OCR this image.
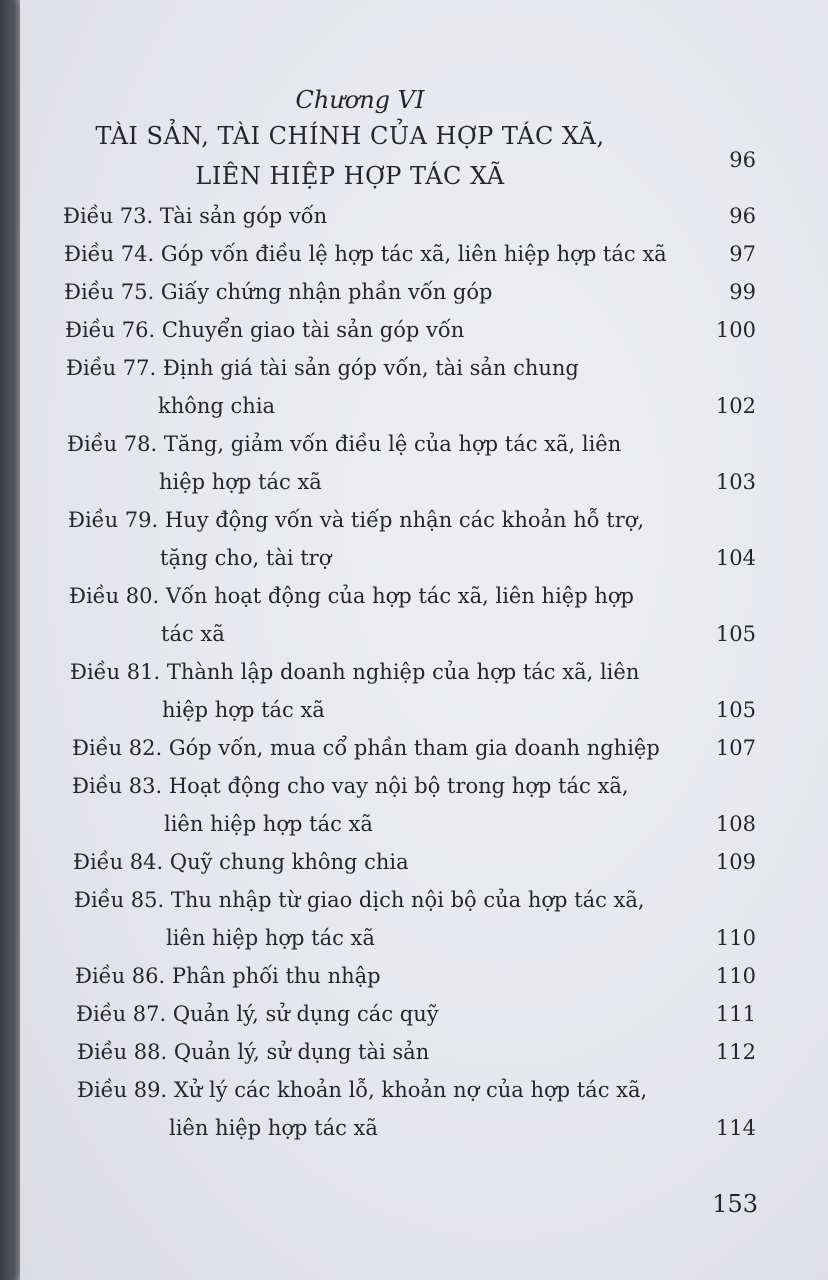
Chương VI
TÀI SẢN, TÀI CHÍNH CỦA HỢP TÁC XÃ,
LIÊN HIỆP HỢP TÁC XÃ
96
Điều 73. Tài sản góp vốn	96
Điều 74. Góp vốn điều lệ hợp tác xã, liên hiệp hợp tác xã	97
Điều 75. Giấy chứng nhận phần vốn góp	99
Điều 76. Chuyển giao tài sản góp vốn	100
Điều 77. Định giá tài sản góp vốn, tài sản chung
không chia	102
Điều 78. Tăng, giảm vốn điều lệ của hợp tác xã, liên
hiệp hợp tác xã	103
Điều 79. Huy động vốn và tiếp nhận các khoản hỗ trợ,
tặng cho, tài trợ	104
Điều 80. Vốn hoạt động của hợp tác xã, liên hiệp hợp
tác xã	105
Điều 81. Thành lập doanh nghiệp của hợp tác xã, liên
hiệp hợp tác xã	105
Điều 82. Góp vốn, mua cổ phần tham gia doanh nghiệp	107
Điều 83. Hoạt động cho vay nội bộ trong hợp tác xã,
liên hiệp hợp tác xã	108
Điều 84. Quỹ chung không chia	109
Điều 85. Thu nhập từ giao dịch nội bộ của hợp tác xã,
liên hiệp hợp tác xã	110
Điều 86. Phân phối thu nhập	110
Điều 87. Quản lý, sử dụng các quỹ	111
Điều 88. Quản lý, sử dụng tài sản	112
Điều 89. Xử lý các khoản lỗ, khoản nợ của hợp tác xã,
liên hiệp hợp tác xã	114
153
